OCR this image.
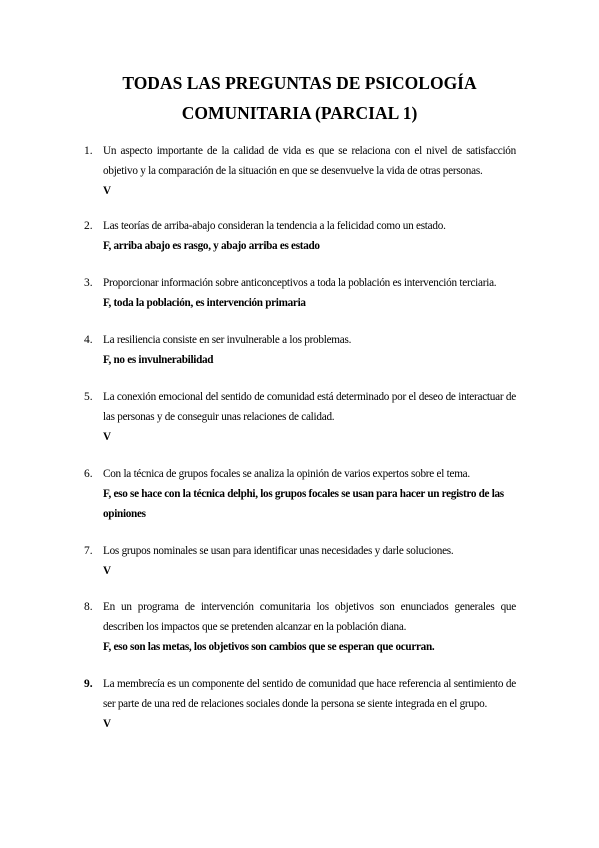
TODAS LAS PREGUNTAS DE PSICOLOGÍA
COMUNITARIA (PARCIAL 1)
1. Un aspecto importante de la calidad de vida es que se relaciona con el nivel de satisfacción objetivo y la comparación de la situación en que se desenvuelve la vida de otras personas.
V
2. Las teorías de arriba-abajo consideran la tendencia a la felicidad como un estado.
F, arriba abajo es rasgo, y abajo arriba es estado
3. Proporcionar información sobre anticonceptivos a toda la población es intervención terciaria.
F, toda la población, es intervención primaria
4. La resiliencia consiste en ser invulnerable a los problemas.
F, no es invulnerabilidad
5. La conexión emocional del sentido de comunidad está determinado por el deseo de interactuar de las personas y de conseguir unas relaciones de calidad.
V
6. Con la técnica de grupos focales se analiza la opinión de varios expertos sobre el tema.
F, eso se hace con la técnica delphi, los grupos focales se usan para hacer un registro de las opiniones
7. Los grupos nominales se usan para identificar unas necesidades y darle soluciones.
V
8. En un programa de intervención comunitaria los objetivos son enunciados generales que describen los impactos que se pretenden alcanzar en la población diana.
F, eso son las metas, los objetivos son cambios que se esperan que ocurran.
9. La membrecía es un componente del sentido de comunidad que hace referencia al sentimiento de ser parte de una red de relaciones sociales donde la persona se siente integrada en el grupo.
V
